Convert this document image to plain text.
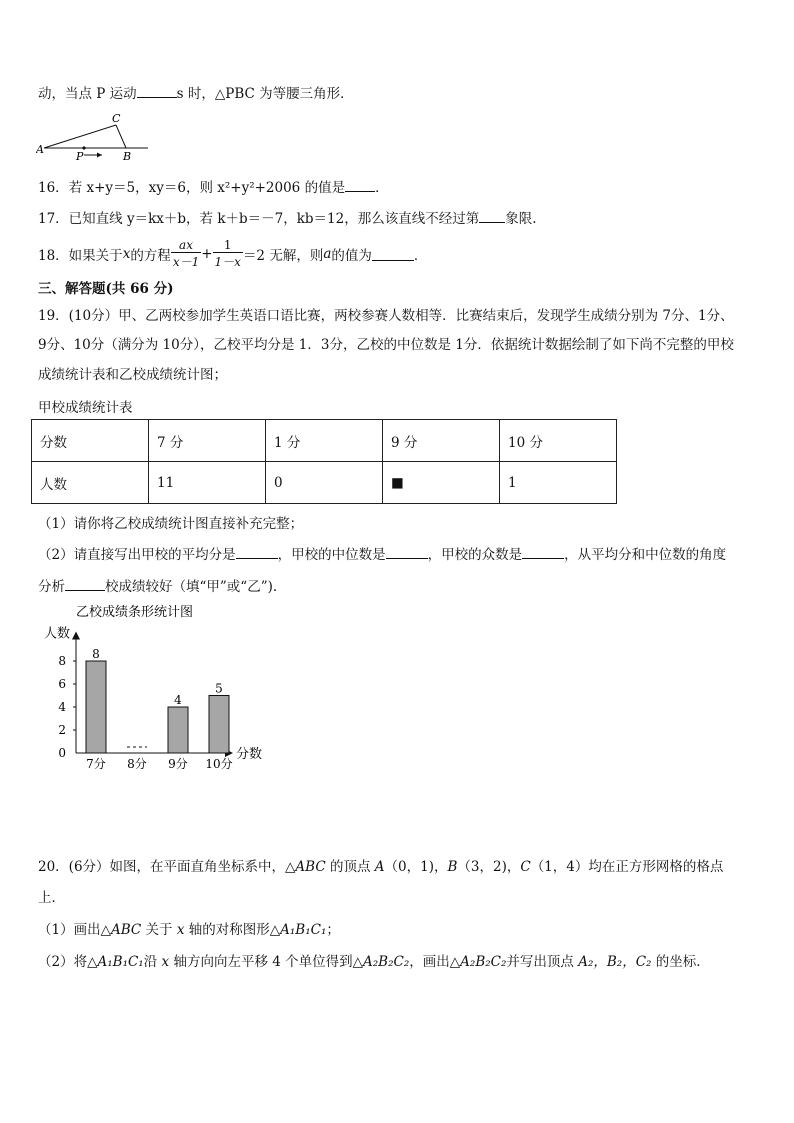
动，当点 P 运动	s 时，△PBC 为等腰三角形．
A
P	B
C
16．若 x+y＝5，xy＝6，则 x²+y²+2006 的值是 ．
17．已知直线 y＝kx＋b，若 k＋b＝－7，kb＝12，那么该直线不经过第 象限.
18．如果关于 x 的方程 $\frac{ax}{x-1} + \frac{1}{1-x} =2$ 无解，则 a 的值为	．
三、解答题(共 66 分)
19．(10分）甲、乙两校参加学生英语口语比赛，两校参赛人数相等．比赛结束后，发现学生成绩分别为 7分、1分、
9分、10分（满分为 10分），乙校平均分是 1．3分，乙校的中位数是 1分．依据统计数据绘制了如下尚不完整的甲校
成绩统计表和乙校成绩统计图；
甲校成绩统计表
分数	7 分	1 分	9 分	10 分
人数	11	0	■	1
（1）请你将乙校成绩统计图直接补充完整；
（2）请直接写出甲校的平均分是	，甲校的中位数是	，甲校的众数是	，从平均分和中位数的角度
分析	校成绩较好（填“甲”或“乙”).
乙校成绩条形统计图
人数
分数
0
2
4
6
8
7分
8
8分 9分
4
10分
5
20．(6分）如图，在平面直角坐标系中，△ABC 的顶点 A（0，1)，B（3，2)，C（1，4）均在正方形网格的格点
上．
（1）画出△ABC 关于 x 轴的对称图形△A₁B₁C₁；
（2）将△A₁B₁C₁沿 x 轴方向向左平移 4 个单位得到△A₂B₂C₂，画出△A₂B₂C₂并写出顶点 A₂，B₂，C₂ 的坐标．
